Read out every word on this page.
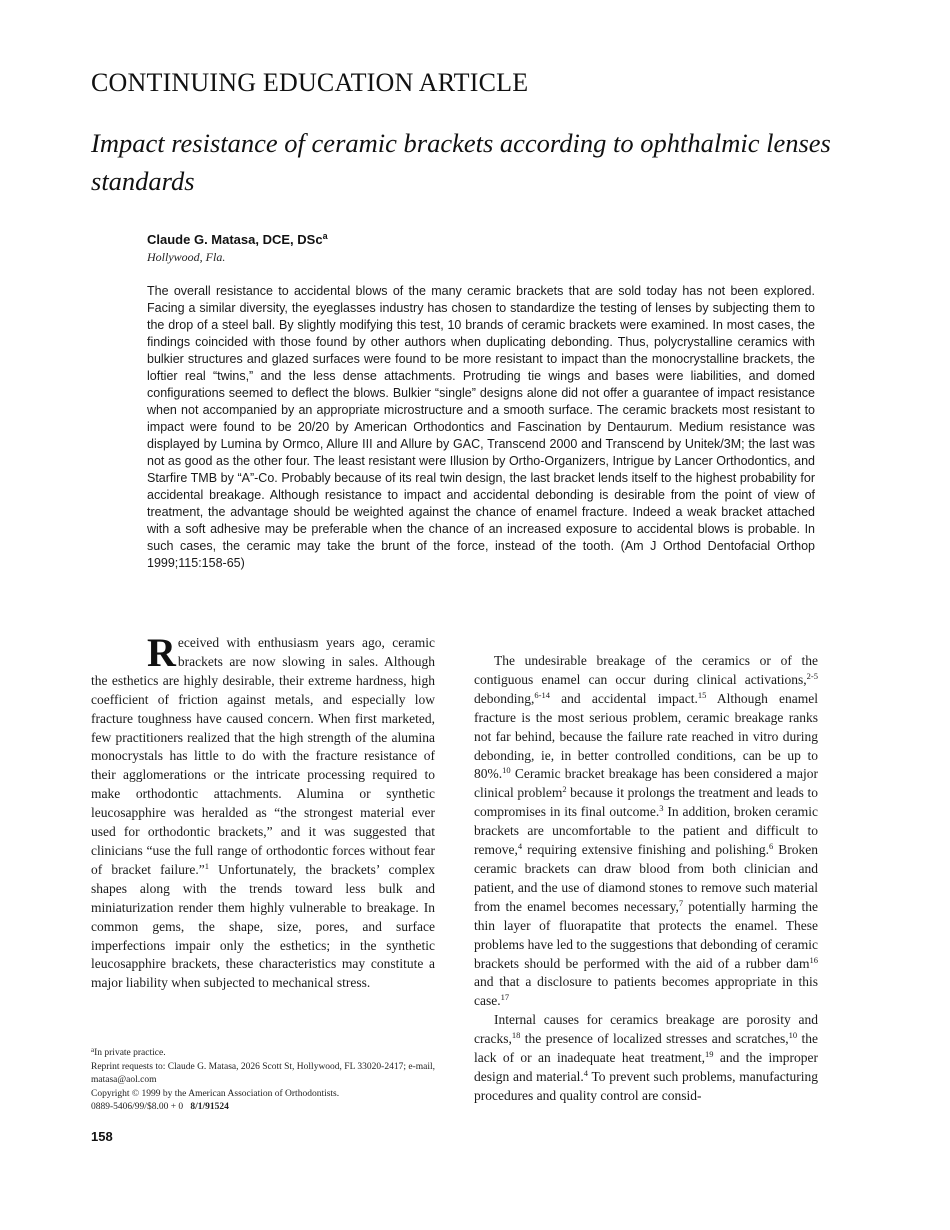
CONTINUING EDUCATION ARTICLE
Impact resistance of ceramic brackets according to ophthalmic lenses standards
Claude G. Matasa, DCE, DSc$^a$
Hollywood, Fla.
The overall resistance to accidental blows of the many ceramic brackets that are sold today has not been explored. Facing a similar diversity, the eyeglasses industry has chosen to standardize the testing of lenses by subjecting them to the drop of a steel ball. By slightly modifying this test, 10 brands of ceramic brackets were examined. In most cases, the findings coincided with those found by other authors when duplicating debonding. Thus, polycrystalline ceramics with bulkier structures and glazed surfaces were found to be more resistant to impact than the monocrystalline brackets, the loftier real “twins,” and the less dense attachments. Protruding tie wings and bases were liabilities, and domed configurations seemed to deflect the blows. Bulkier “single” designs alone did not offer a guarantee of impact resistance when not accompanied by an appropriate microstructure and a smooth surface. The ceramic brackets most resistant to impact were found to be 20/20 by American Orthodontics and Fascination by Dentaurum. Medium resistance was displayed by Lumina by Ormco, Allure III and Allure by GAC, Transcend 2000 and Transcend by Unitek/3M; the last was not as good as the other four. The least resistant were Illusion by Ortho-Organizers, Intrigue by Lancer Orthodontics, and Starfire TMB by “A”-Co. Probably because of its real twin design, the last bracket lends itself to the highest probability for accidental breakage. Although resistance to impact and accidental debonding is desirable from the point of view of treatment, the advantage should be weighted against the chance of enamel fracture. Indeed a weak bracket attached with a soft adhesive may be preferable when the chance of an increased exposure to accidental blows is probable. In such cases, the ceramic may take the brunt of the force, instead of the tooth. (Am J Orthod Dentofacial Orthop 1999;115:158-65)

Received with enthusiasm years ago, ceramic brackets are now slowing in sales. Although the esthetics are highly desirable, their extreme hardness, high coefficient of friction against metals, and especially low fracture toughness have caused concern. When first marketed, few practitioners realized that the high strength of the alumina monocrystals has little to do with the fracture resistance of their agglomerations or the intricate processing required to make orthodontic attachments. Alumina or synthetic leucosapphire was heralded as “the strongest material ever used for orthodontic brackets,” and it was suggested that clinicians “use the full range of orthodontic forces without fear of bracket failure.”$^1$ Unfortunately, the brackets’ complex shapes along with the trends toward less bulk and miniaturization render them highly vulnerable to breakage. In common gems, the shape, size, pores, and surface imperfections impair only the esthetics; in the synthetic leucosapphire brackets, these characteristics may constitute a major liability when subjected to mechanical stress.

The undesirable breakage of the ceramics or of the contiguous enamel can occur during clinical activations,$^{2-5}$ debonding,$^{6-14}$ and accidental impact.$^{15}$ Although enamel fracture is the most serious problem, ceramic breakage ranks not far behind, because the failure rate reached in vitro during debonding, ie, in better controlled conditions, can be up to 80%.$^{10}$ Ceramic bracket breakage has been considered a major clinical problem$^2$ because it prolongs the treatment and leads to compromises in its final outcome.$^3$ In addition, broken ceramic brackets are uncomfortable to the patient and difficult to remove,$^4$ requiring extensive finishing and polishing.$^6$ Broken ceramic brackets can draw blood from both clinician and patient, and the use of diamond stones to remove such material from the enamel becomes necessary,$^7$ potentially harming the thin layer of fluorapatite that protects the enamel. These problems have led to the suggestions that debonding of ceramic brackets should be performed with the aid of a rubber dam$^{16}$ and that a disclosure to patients becomes appropriate in this case.$^{17}$

Internal causes for ceramics breakage are porosity and cracks,$^{18}$ the presence of localized stresses and scratches,$^{10}$ the lack of or an inadequate heat treatment,$^{19}$ and the improper design and material.$^4$ To prevent such problems, manufacturing procedures and quality control are consid-

$^a$In private practice.
Reprint requests to: Claude G. Matasa, 2026 Scott St, Hollywood, FL 33020-2417; e-mail, matasa@aol.com
Copyright © 1999 by the American Association of Orthodontists.
0889-5406/99/$8.00 + 0 8/1/91524
158
